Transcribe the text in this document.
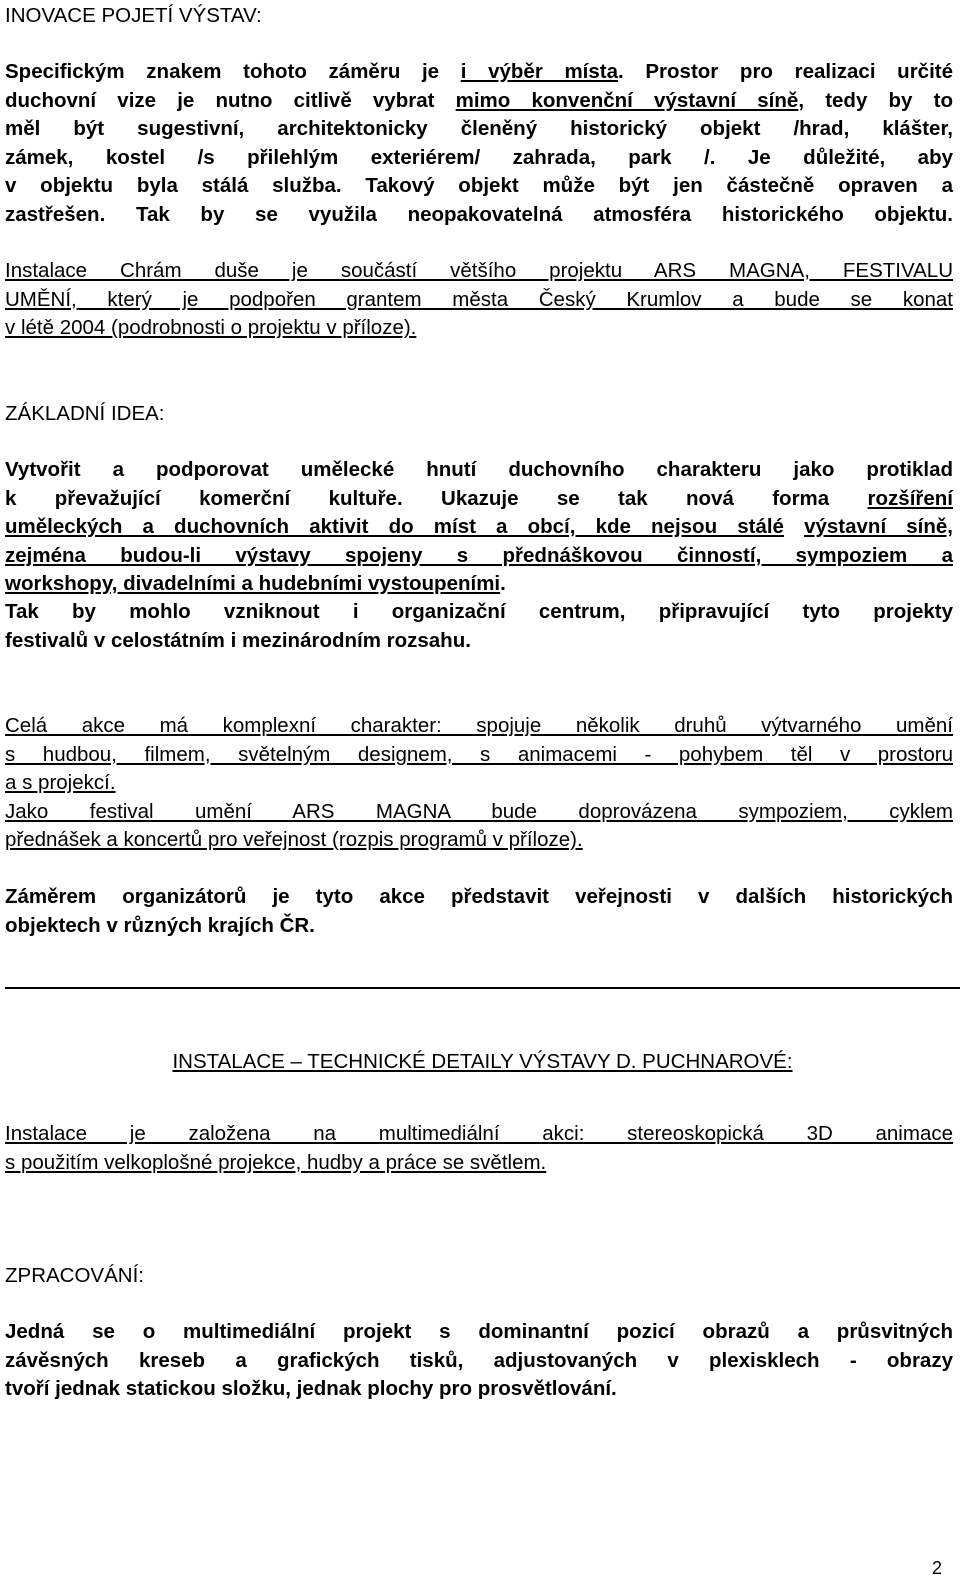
INOVACE POJETÍ VÝSTAV:
Specifickým znakem tohoto záměru je i výběr místa. Prostor pro realizaci určité
duchovní vize je nutno citlivě vybrat mimo konvenční výstavní síně, tedy by to
měl být sugestivní, architektonicky členěný historický objekt /hrad, klášter,
zámek, kostel /s přilehlým exteriérem/ zahrada, park /. Je důležité, aby
v objektu byla stálá služba. Takový objekt může být jen částečně opraven a
zastřešen. Tak by se využila neopakovatelná atmosféra historického objektu.
Instalace Chrám duše je součástí většího projektu ARS MAGNA, FESTIVALU
UMĚNÍ, který je podpořen grantem města Český Krumlov a bude se konat
v létě 2004 (podrobnosti o projektu v příloze).
ZÁKLADNÍ IDEA:
Vytvořit a podporovat umělecké hnutí duchovního charakteru jako protiklad
k převažující komerční kultuře. Ukazuje se tak nová forma rozšíření
uměleckých a duchovních aktivit do míst a obcí, kde nejsou stálé výstavní síně,
zejména budou-li výstavy spojeny s přednáškovou činností, sympoziem a
workshopy, divadelními a hudebními vystoupeními.
Tak by mohlo vzniknout i organizační centrum, připravující tyto projekty
festivalů v celostátním i mezinárodním rozsahu.
Celá akce má komplexní charakter: spojuje několik druhů výtvarného umění
s hudbou, filmem, světelným designem, s animacemi - pohybem těl v prostoru
a s projekcí.
Jako festival umění ARS MAGNA bude doprovázena sympoziem, cyklem
přednášek a koncertů pro veřejnost (rozpis programů v příloze).
Záměrem organizátorů je tyto akce představit veřejnosti v dalších historických
objektech v různých krajích ČR.
INSTALACE – TECHNICKÉ DETAILY VÝSTAVY D. PUCHNAROVÉ:
Instalace je založena na multimediální akci: stereoskopická 3D animace
s použitím velkoplošné projekce, hudby a práce se světlem.
ZPRACOVÁNÍ:
Jedná se o multimediální projekt s dominantní pozicí obrazů a průsvitných
závěsných kreseb a grafických tisků, adjustovaných v plexisklech - obrazy
tvoří jednak statickou složku, jednak plochy pro prosvětlování.
2
